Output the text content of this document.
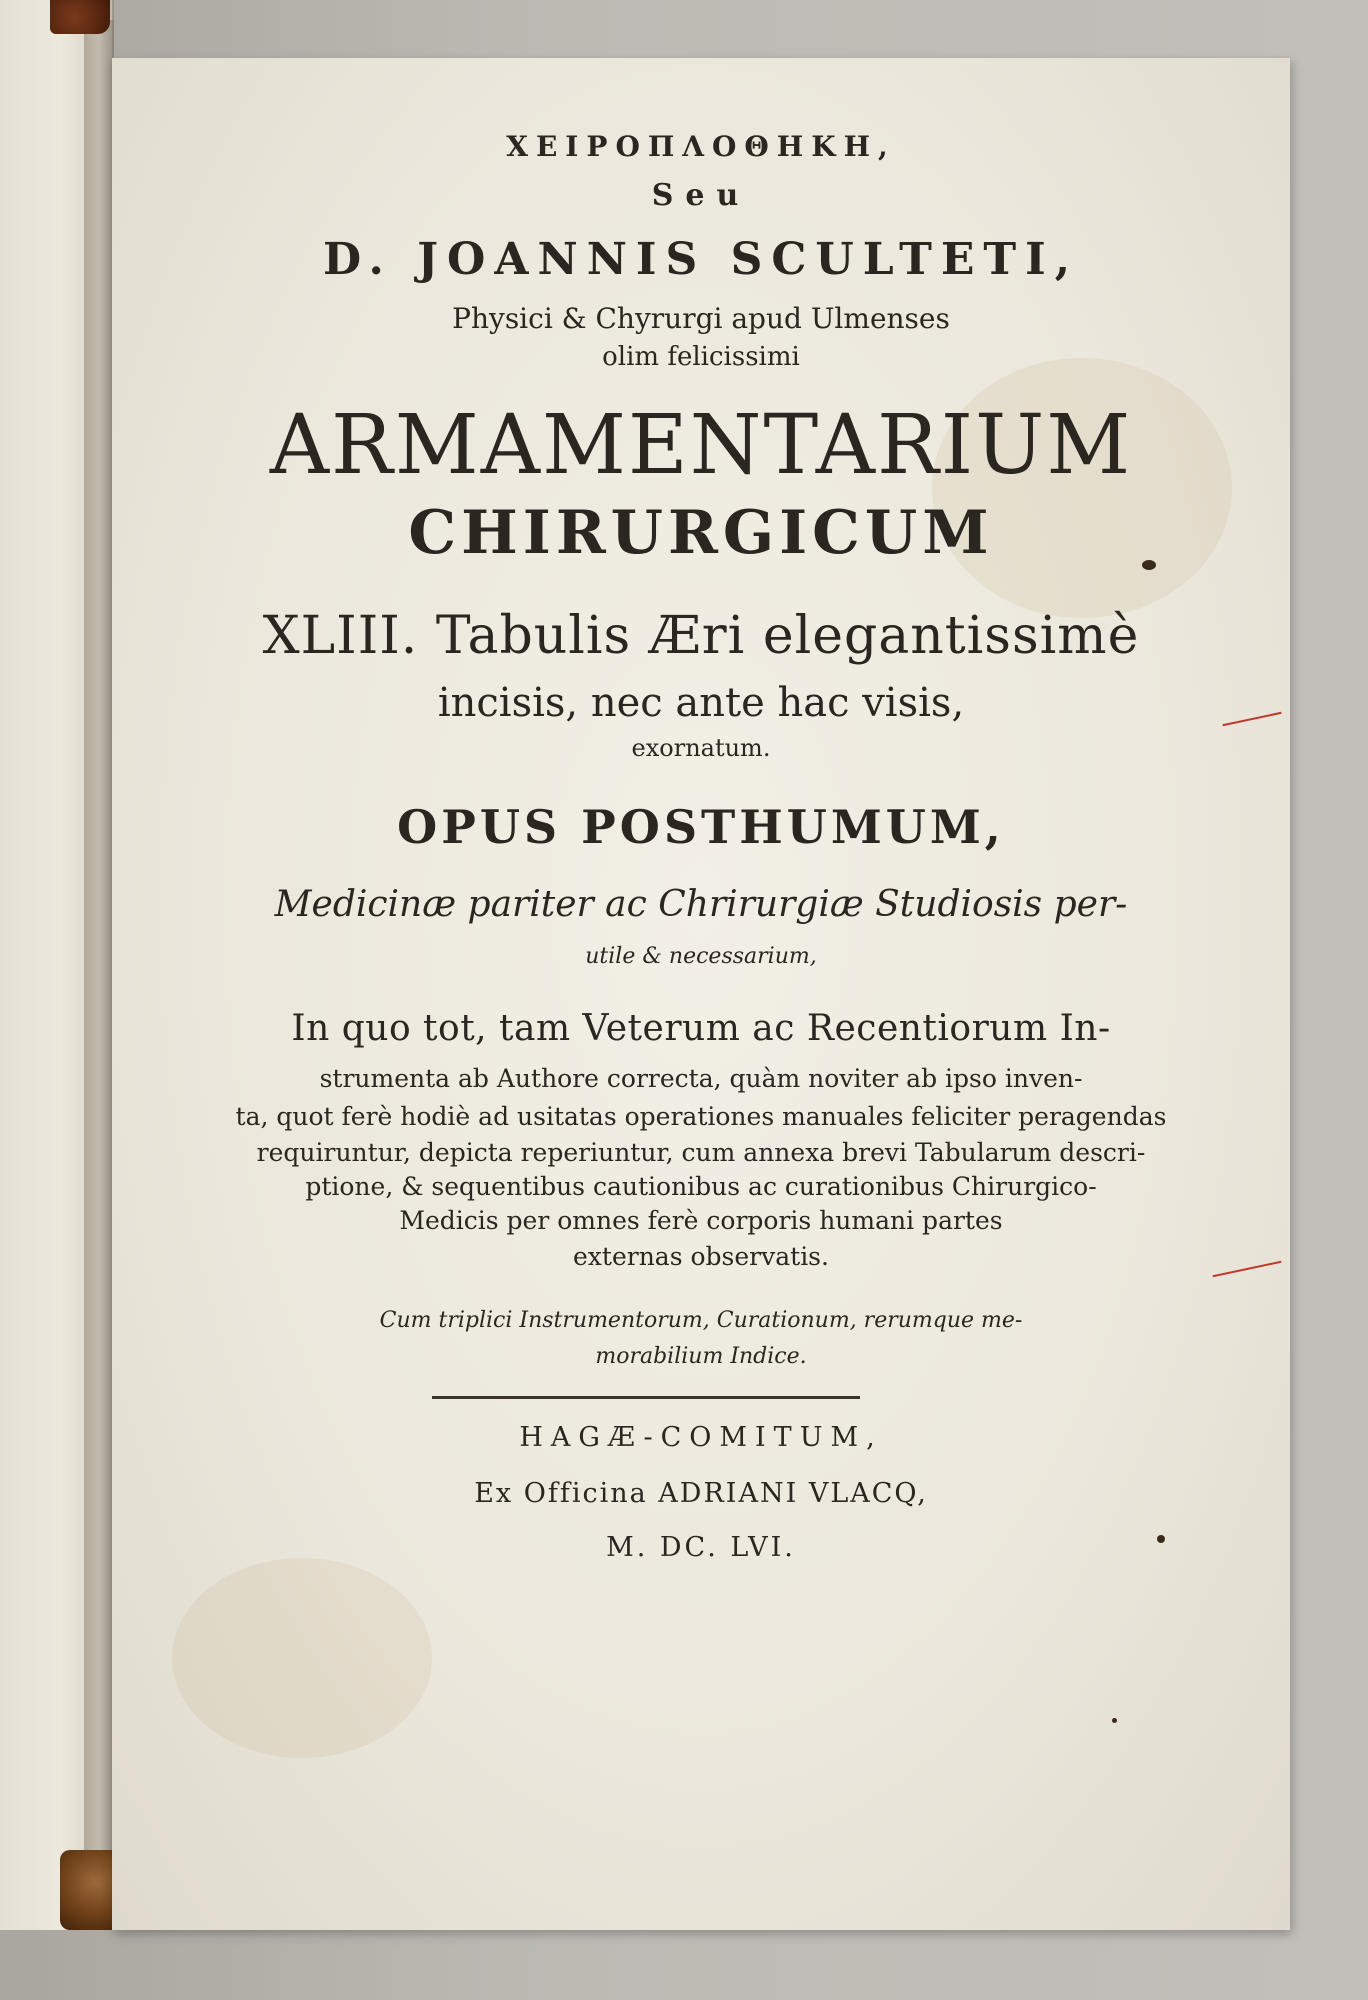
ΧΕΙΡΟΠΛΟΘΗΚΗ,
Seu
D. JOANNIS SCULTETI,
Physici & Chyrurgi apud Ulmenses
olim felicissimi
ARMAMENTARIUM
CHIRURGICUM
XLIII. Tabulis Æri elegantissimè
incisis, nec ante hac visis,
exornatum.
OPUS POSTHUMUM,
Medicinæ pariter ac Chrirurgiæ Studiosis per-
utile & necessarium,
In quo tot, tam Veterum ac Recentiorum In-
strumenta ab Authore correcta, quàm noviter ab ipso inven-
ta, quot ferè hodiè ad usitatas operationes manuales feliciter peragendas
requiruntur, depicta reperiuntur, cum annexa brevi Tabularum descri-
ptione, & sequentibus cautionibus ac curationibus Chirurgico-
Medicis per omnes ferè corporis humani partes
externas observatis.
Cum triplici Instrumentorum, Curationum, rerumque me-
morabilium Indice.
HAGÆ-COMITUM,
Ex Officina ADRIANI VLACQ,
M. DC. LVI.
